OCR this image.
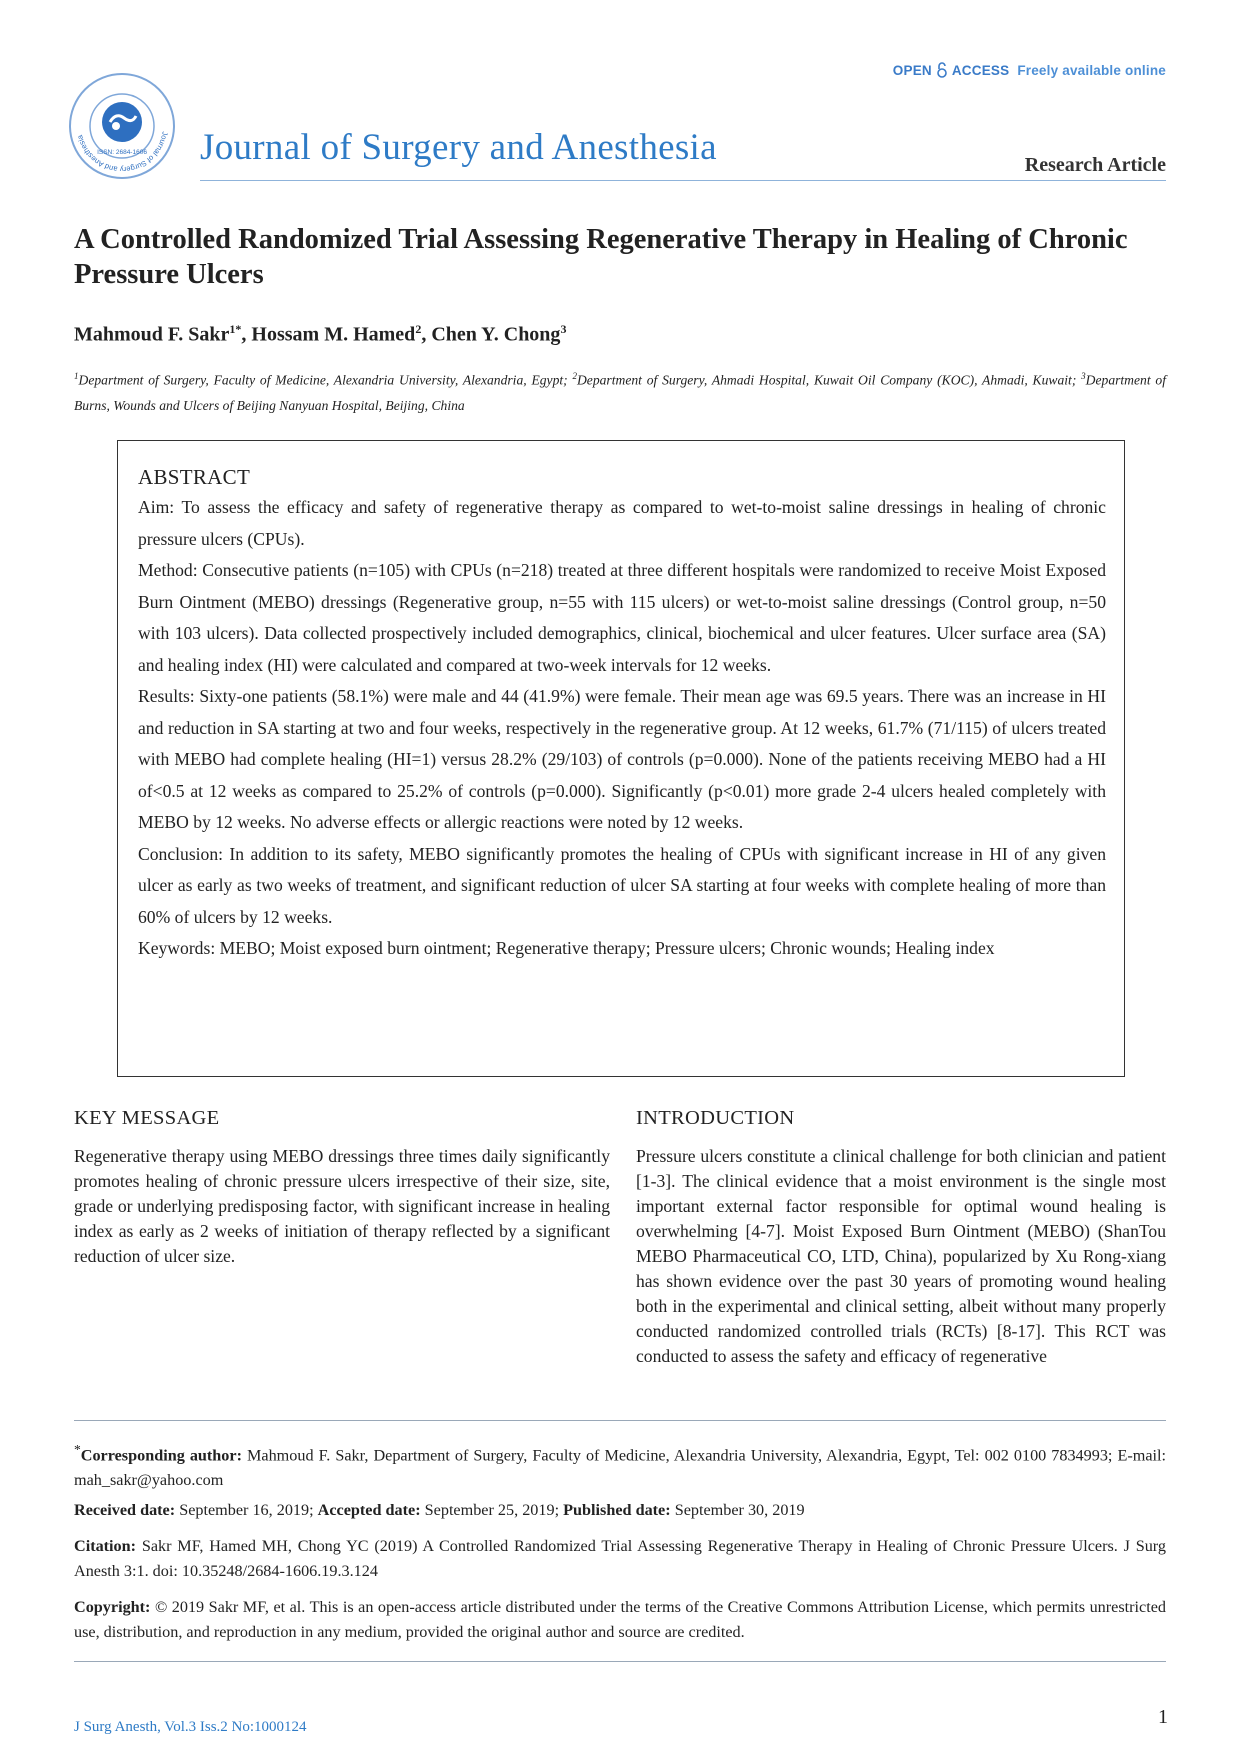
Journal of Surgery and Anesthesia
ISSN: 2684-1606
OPEN ACCESS Freely available online
Journal of Surgery and Anesthesia	Research Article
A Controlled Randomized Trial Assessing Regenerative Therapy in Healing of Chronic Pressure Ulcers
Mahmoud F. Sakr$^{1*}$, Hossam M. Hamed$^2$, Chen Y. Chong$^3$
$^1$Department of Surgery, Faculty of Medicine, Alexandria University, Alexandria, Egypt; $^2$Department of Surgery, Ahmadi Hospital, Kuwait Oil Company (KOC), Ahmadi, Kuwait; $^3$Department of Burns, Wounds and Ulcers of Beijing Nanyuan Hospital, Beijing, China
ABSTRACT

Aim: To assess the efficacy and safety of regenerative therapy as compared to wet-to-moist saline dressings in healing of chronic pressure ulcers (CPUs).

Method: Consecutive patients (n=105) with CPUs (n=218) treated at three different hospitals were randomized to receive Moist Exposed Burn Ointment (MEBO) dressings (Regenerative group, n=55 with 115 ulcers) or wet-to-moist saline dressings (Control group, n=50 with 103 ulcers). Data collected prospectively included demographics, clinical, biochemical and ulcer features. Ulcer surface area (SA) and healing index (HI) were calculated and compared at two-week intervals for 12 weeks.

Results: Sixty-one patients (58.1%) were male and 44 (41.9%) were female. Their mean age was 69.5 years. There was an increase in HI and reduction in SA starting at two and four weeks, respectively in the regenerative group. At 12 weeks, 61.7% (71/115) of ulcers treated with MEBO had complete healing (HI=1) versus 28.2% (29/103) of controls (p=0.000). None of the patients receiving MEBO had a HI of<0.5 at 12 weeks as compared to 25.2% of controls (p=0.000). Significantly (p<0.01) more grade 2-4 ulcers healed completely with MEBO by 12 weeks. No adverse effects or allergic reactions were noted by 12 weeks.

Conclusion: In addition to its safety, MEBO significantly promotes the healing of CPUs with significant increase in HI of any given ulcer as early as two weeks of treatment, and significant reduction of ulcer SA starting at four weeks with complete healing of more than 60% of ulcers by 12 weeks.

Keywords: MEBO; Moist exposed burn ointment; Regenerative therapy; Pressure ulcers; Chronic wounds; Healing index

KEY MESSAGE

Regenerative therapy using MEBO dressings three times daily significantly promotes healing of chronic pressure ulcers irrespective of their size, site, grade or underlying predisposing factor, with significant increase in healing index as early as 2 weeks of initiation of therapy reflected by a significant reduction of ulcer size.

INTRODUCTION

Pressure ulcers constitute a clinical challenge for both clinician and patient [1-3]. The clinical evidence that a moist environment is the single most important external factor responsible for optimal wound healing is overwhelming [4-7]. Moist Exposed Burn Ointment (MEBO) (ShanTou MEBO Pharmaceutical CO, LTD, China), popularized by Xu Rong-xiang has shown evidence over the past 30 years of promoting wound healing both in the experimental and clinical setting, albeit without many properly conducted randomized controlled trials (RCTs) [8-17]. This RCT was conducted to assess the safety and efficacy of regenerative

*Corresponding author: Mahmoud F. Sakr, Department of Surgery, Faculty of Medicine, Alexandria University, Alexandria, Egypt, Tel: 002 0100 7834993; E-mail: mah_sakr@yahoo.com
Received date: September 16, 2019; Accepted date: September 25, 2019; Published date: September 30, 2019
Citation: Sakr MF, Hamed MH, Chong YC (2019) A Controlled Randomized Trial Assessing Regenerative Therapy in Healing of Chronic Pressure Ulcers. J Surg Anesth 3:1. doi: 10.35248/2684-1606.19.3.124
Copyright: © 2019 Sakr MF, et al. This is an open-access article distributed under the terms of the Creative Commons Attribution License, which permits unrestricted use, distribution, and reproduction in any medium, provided the original author and source are credited.
J Surg Anesth, Vol.3 Iss.2 No:1000124	1
